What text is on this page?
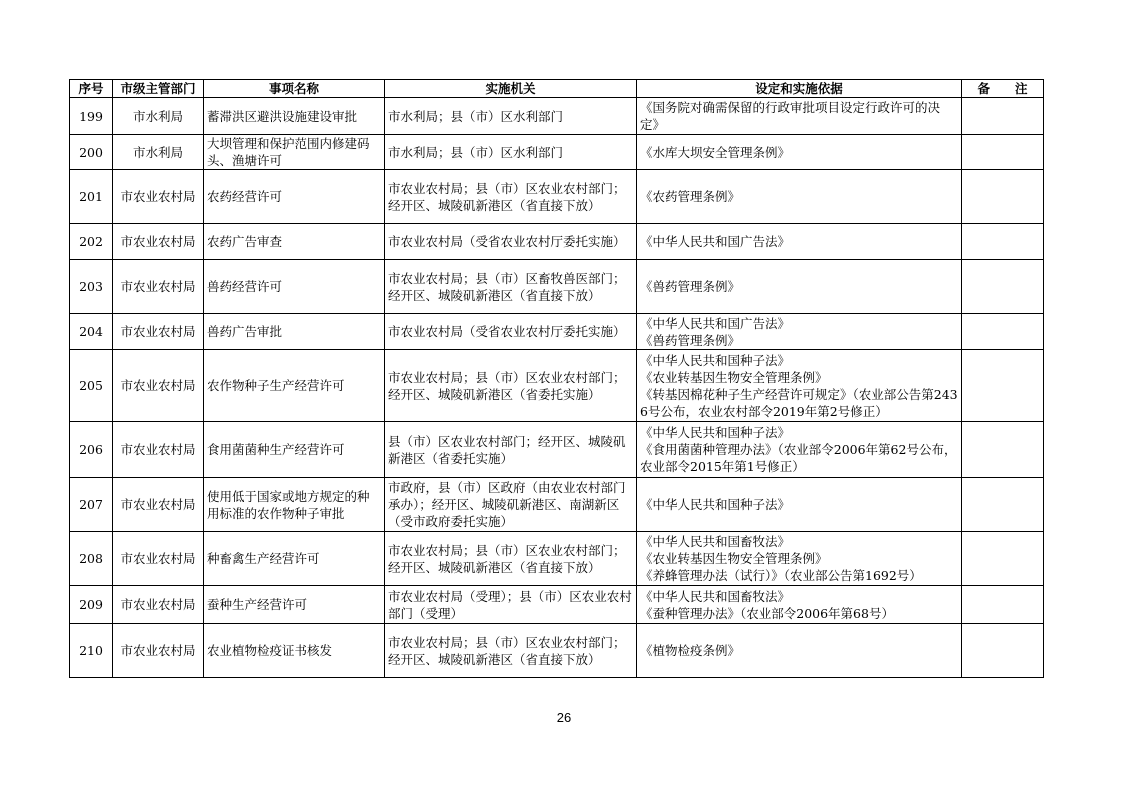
序号	市级主管部门	事项名称	实施机关	设定和实施依据	备　　注
199	市水利局	蓄滞洪区避洪设施建设审批	市水利局；县（市）区水利部门	《国务院对确需保留的行政审批项目设定行政许可的决定》	
200	市水利局	大坝管理和保护范围内修建码头、渔塘许可	市水利局；县（市）区水利部门	《水库大坝安全管理条例》	
201	市农业农村局	农药经营许可	市农业农村局；县（市）区农业农村部门；经开区、城陵矶新港区（省直接下放）	《农药管理条例》	
202	市农业农村局	农药广告审查	市农业农村局（受省农业农村厅委托实施）	《中华人民共和国广告法》	
203	市农业农村局	兽药经营许可	市农业农村局；县（市）区畜牧兽医部门；经开区、城陵矶新港区（省直接下放）	《兽药管理条例》	
204	市农业农村局	兽药广告审批	市农业农村局（受省农业农村厅委托实施）	《中华人民共和国广告法》
《兽药管理条例》	
205	市农业农村局	农作物种子生产经营许可	市农业农村局；县（市）区农业农村部门；经开区、城陵矶新港区（省委托实施）	《中华人民共和国种子法》
《农业转基因生物安全管理条例》
《转基因棉花种子生产经营许可规定》（农业部公告第2436号公布，农业农村部令2019年第2号修正）	
206	市农业农村局	食用菌菌种生产经营许可	县（市）区农业农村部门；经开区、城陵矶新港区（省委托实施）	《中华人民共和国种子法》
《食用菌菌种管理办法》（农业部令2006年第62号公布，农业部令2015年第1号修正）	
207	市农业农村局	使用低于国家或地方规定的种用标准的农作物种子审批	市政府，县（市）区政府（由农业农村部门承办）；经开区、城陵矶新港区、南湖新区（受市政府委托实施）	《中华人民共和国种子法》	
208	市农业农村局	种畜禽生产经营许可	市农业农村局；县（市）区农业农村部门；经开区、城陵矶新港区（省直接下放）	《中华人民共和国畜牧法》
《农业转基因生物安全管理条例》
《养蜂管理办法（试行）》（农业部公告第1692号）	
209	市农业农村局	蚕种生产经营许可	市农业农村局（受理）；县（市）区农业农村部门（受理）	《中华人民共和国畜牧法》
《蚕种管理办法》（农业部令2006年第68号）	
210	市农业农村局	农业植物检疫证书核发	市农业农村局；县（市）区农业农村部门；经开区、城陵矶新港区（省直接下放）	《植物检疫条例》	
26
